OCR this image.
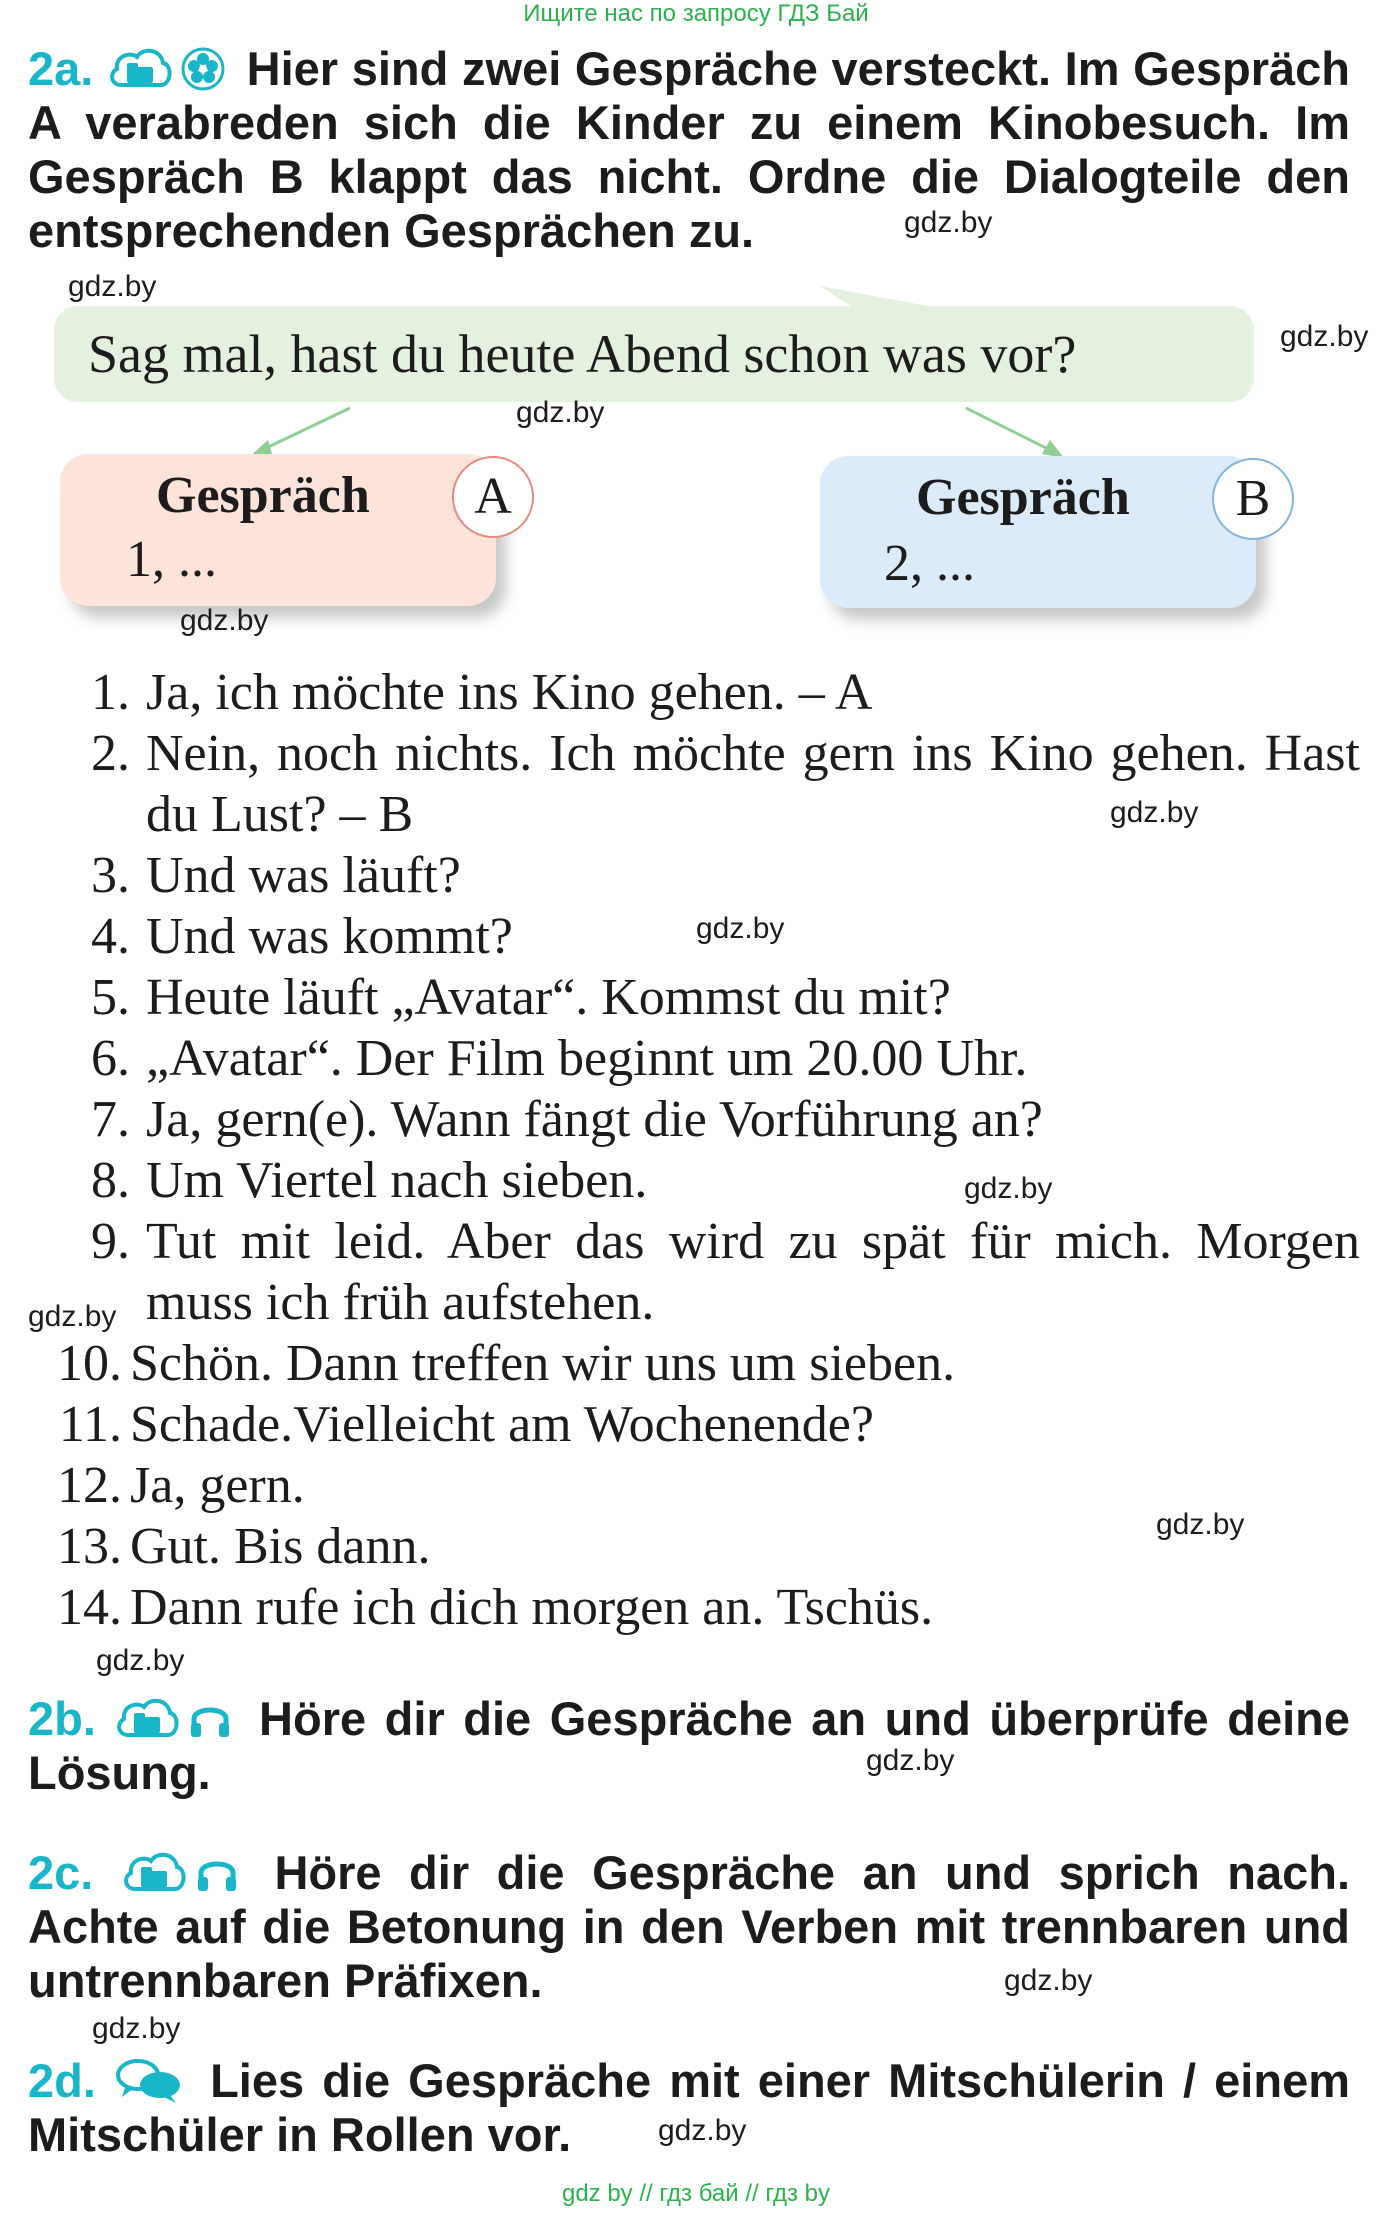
Ищите нас по запросу ГДЗ Бай
2a.	Hier sind zwei Gespräche versteckt. Im Gespräch A verabreden sich die Kinder zu einem Kinobesuch. Im Gespräch B klappt das nicht. Ordne die Dialogteile den entsprechenden Gesprächen zu.
Sag mal, hast du heute Abend schon was vor?
Gespräch
1, ...
A	Gespräch
2, ...
B
1. Ja, ich möchte ins Kino gehen. – A
2. Nein, noch nichts. Ich möchte gern ins Kino gehen. Hast du Lust? – B
3. Und was läuft?
4. Und was kommt?
5. Heute läuft „Avatar“. Kommst du mit?
6. „Avatar“. Der Film beginnt um 20.00 Uhr.
7. Ja, gern(e). Wann fängt die Vorführung an?
8. Um Viertel nach sieben.
9. Tut mit leid. Aber das wird zu spät für mich. Morgen muss ich früh aufstehen.
10. Schön. Dann treffen wir uns um sieben.
11. Schade.Vielleicht am Wochenende?
12. Ja, gern.
13. Gut. Bis dann.
14. Dann rufe ich dich morgen an. Tschüs.
2b.	Höre dir die Gespräche an und überprüfe deine Lösung.
2c.	Höre dir die Gespräche an und sprich nach. Achte auf die Betonung in den Verben mit trennbaren und untrennbaren Präfixen.
2d. Lies die Gespräche mit einer Mitschülerin / einem Mitschüler in Rollen vor.
gdz.by
gdz.by
gdz.by
gdz.by
gdz.by
gdz.by
gdz.by
gdz.by
gdz.by
gdz.by
gdz.by
gdz.by
gdz.by
gdz.by
gdz.by
gdz by // гдз бай // гдз by
